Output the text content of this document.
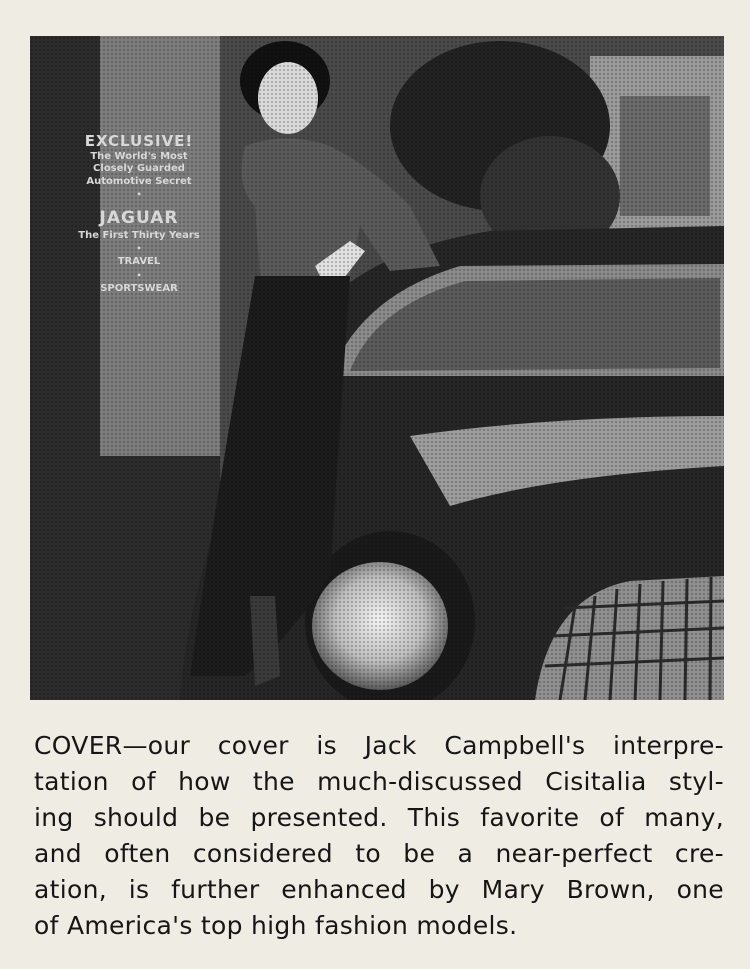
EXCLUSIVE!
The World's Most
Closely Guarded
Automotive Secret
•
JAGUAR
The First Thirty Years
•
TRAVEL
•
SPORTSWEAR
COVER—our cover is Jack Campbell's interpre-
tation of how the much-discussed Cisitalia styl-
ing should be presented. This favorite of many,
and often considered to be a near-perfect cre-
ation, is further enhanced by Mary Brown, one
of America's top high fashion models.
